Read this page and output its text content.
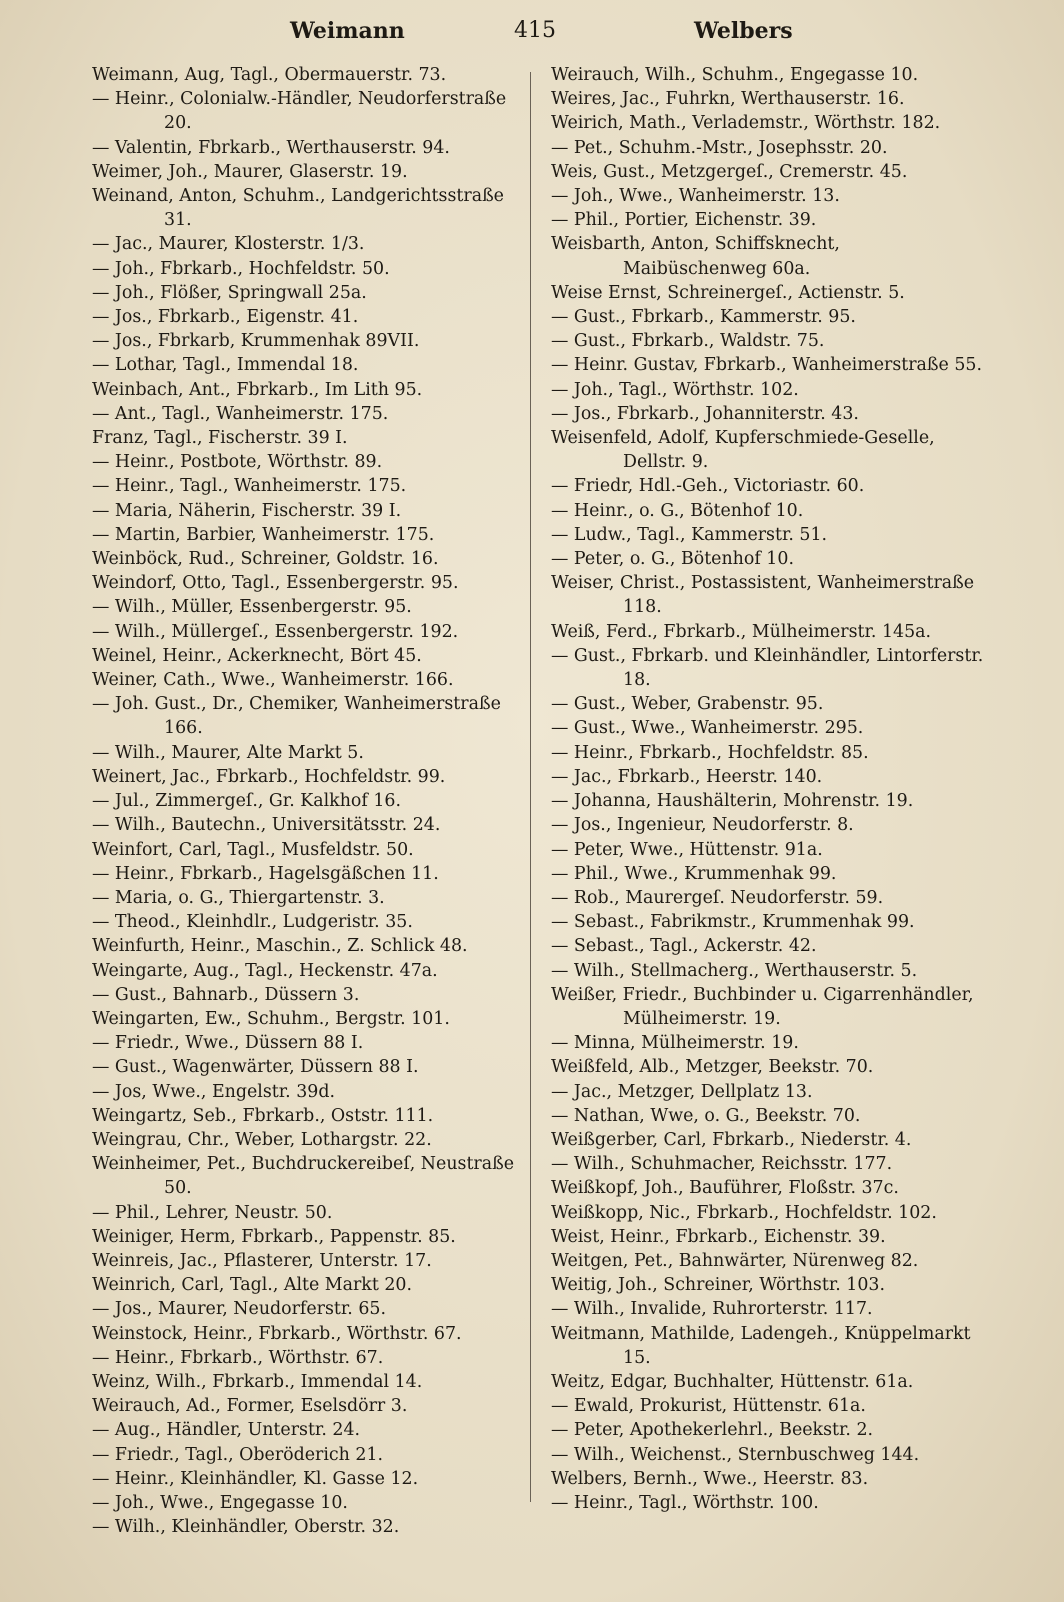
Weimann	415	Welbers
Weimann, Aug, Tagl., Obermauerstr. 73.
— Heinr., Colonialw.-Händler, Neudorferstraße 20.
— Valentin, Fbrkarb., Werthauserstr. 94.
Weimer, Joh., Maurer, Glaserstr. 19.
Weinand, Anton, Schuhm., Landgerichtsstraße 31.
— Jac., Maurer, Klosterstr. 1/3.
— Joh., Fbrkarb., Hochfeldstr. 50.
— Joh., Flößer, Springwall 25a.
— Jos., Fbrkarb., Eigenstr. 41.
— Jos., Fbrkarb, Krummenhak 89VII.
— Lothar, Tagl., Immendal 18.
Weinbach, Ant., Fbrkarb., Im Lith 95.
— Ant., Tagl., Wanheimerstr. 175.
Franz, Tagl., Fischerstr. 39 I.
— Heinr., Postbote, Wörthstr. 89.
— Heinr., Tagl., Wanheimerstr. 175.
— Maria, Näherin, Fischerstr. 39 I.
— Martin, Barbier, Wanheimerstr. 175.
Weinböck, Rud., Schreiner, Goldstr. 16.
Weindorf, Otto, Tagl., Essenbergerstr. 95.
— Wilh., Müller, Essenbergerstr. 95.
— Wilh., Müllergeſ., Essenbergerstr. 192.
Weinel, Heinr., Ackerknecht, Bört 45.
Weiner, Cath., Wwe., Wanheimerstr. 166.
— Joh. Gust., Dr., Chemiker, Wanheimerstraße 166.
— Wilh., Maurer, Alte Markt 5.
Weinert, Jac., Fbrkarb., Hochfeldstr. 99.
— Jul., Zimmergeſ., Gr. Kalkhof 16.
— Wilh., Bautechn., Universitätsstr. 24.
Weinfort, Carl, Tagl., Musfeldstr. 50.
— Heinr., Fbrkarb., Hagelsgäßchen 11.
— Maria, o. G., Thiergartenstr. 3.
— Theod., Kleinhdlr., Ludgeristr. 35.
Weinfurth, Heinr., Maschin., Z. Schlick 48.
Weingarte, Aug., Tagl., Heckenstr. 47a.
— Gust., Bahnarb., Düssern 3.
Weingarten, Ew., Schuhm., Bergstr. 101.
— Friedr., Wwe., Düssern 88 I.
— Gust., Wagenwärter, Düssern 88 I.
— Jos, Wwe., Engelstr. 39d.
Weingartz, Seb., Fbrkarb., Oststr. 111.
Weingrau, Chr., Weber, Lothargstr. 22.
Weinheimer, Pet., Buchdruckereibeſ, Neustraße 50.
— Phil., Lehrer, Neustr. 50.
Weiniger, Herm, Fbrkarb., Pappenstr. 85.
Weinreis, Jac., Pflasterer, Unterstr. 17.
Weinrich, Carl, Tagl., Alte Markt 20.
— Jos., Maurer, Neudorferstr. 65.
Weinstock, Heinr., Fbrkarb., Wörthstr. 67.
— Heinr., Fbrkarb., Wörthstr. 67.
Weinz, Wilh., Fbrkarb., Immendal 14.
Weirauch, Ad., Former, Eselsdörr 3.
— Aug., Händler, Unterstr. 24.
— Friedr., Tagl., Oberöderich 21.
— Heinr., Kleinhändler, Kl. Gasse 12.
— Joh., Wwe., Engegasse 10.
— Wilh., Kleinhändler, Oberstr. 32.
Weirauch, Wilh., Schuhm., Engegasse 10.
Weires, Jac., Fuhrkn, Werthauserstr. 16.
Weirich, Math., Verlademstr., Wörthstr. 182.
— Pet., Schuhm.-Mstr., Josephsstr. 20.
Weis, Gust., Metzgergeſ., Cremerstr. 45.
— Joh., Wwe., Wanheimerstr. 13.
— Phil., Portier, Eichenstr. 39.
Weisbarth, Anton, Schiffsknecht, Maibüschenweg 60a.
Weise Ernst, Schreinergeſ., Actienstr. 5.
— Gust., Fbrkarb., Kammerstr. 95.
— Gust., Fbrkarb., Waldstr. 75.
— Heinr. Gustav, Fbrkarb., Wanheimerstraße 55.
— Joh., Tagl., Wörthstr. 102.
— Jos., Fbrkarb., Johanniterstr. 43.
Weisenfeld, Adolf, Kupferschmiede-Geselle, Dellstr. 9.
— Friedr, Hdl.-Geh., Victoriastr. 60.
— Heinr., o. G., Bötenhof 10.
— Ludw., Tagl., Kammerstr. 51.
— Peter, o. G., Bötenhof 10.
Weiser, Christ., Postassistent, Wanheimerstraße 118.
Weiß, Ferd., Fbrkarb., Mülheimerstr. 145a.
— Gust., Fbrkarb. und Kleinhändler, Lintorferstr. 18.
— Gust., Weber, Grabenstr. 95.
— Gust., Wwe., Wanheimerstr. 295.
— Heinr., Fbrkarb., Hochfeldstr. 85.
— Jac., Fbrkarb., Heerstr. 140.
— Johanna, Haushälterin, Mohrenstr. 19.
— Jos., Ingenieur, Neudorferstr. 8.
— Peter, Wwe., Hüttenstr. 91a.
— Phil., Wwe., Krummenhak 99.
— Rob., Maurergeſ. Neudorferstr. 59.
— Sebast., Fabrikmstr., Krummenhak 99.
— Sebast., Tagl., Ackerstr. 42.
— Wilh., Stellmacherg., Werthauserstr. 5.
Weißer, Friedr., Buchbinder u. Cigarrenhändler, Mülheimerstr. 19.
— Minna, Mülheimerstr. 19.
Weißfeld, Alb., Metzger, Beekstr. 70.
— Jac., Metzger, Dellplatz 13.
— Nathan, Wwe, o. G., Beekstr. 70.
Weißgerber, Carl, Fbrkarb., Niederstr. 4.
— Wilh., Schuhmacher, Reichsstr. 177.
Weißkopf, Joh., Bauführer, Floßstr. 37c.
Weißkopp, Nic., Fbrkarb., Hochfeldstr. 102.
Weist, Heinr., Fbrkarb., Eichenstr. 39.
Weitgen, Pet., Bahnwärter, Nürenweg 82.
Weitig, Joh., Schreiner, Wörthstr. 103.
— Wilh., Invalide, Ruhrorterstr. 117.
Weitmann, Mathilde, Ladengeh., Knüppelmarkt 15.
Weitz, Edgar, Buchhalter, Hüttenstr. 61a.
— Ewald, Prokurist, Hüttenstr. 61a.
— Peter, Apothekerlehrl., Beekstr. 2.
— Wilh., Weichenst., Sternbuschweg 144.
Welbers, Bernh., Wwe., Heerstr. 83.
— Heinr., Tagl., Wörthstr. 100.
